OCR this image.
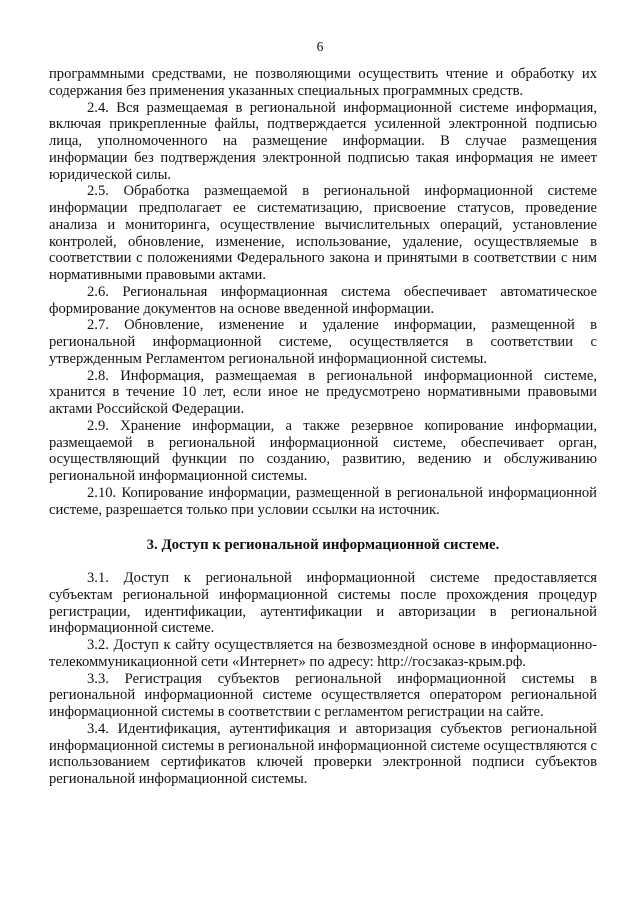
6

программными средствами, не позволяющими осуществить чтение и обработку их содержания без применения указанных специальных программных средств.

2.4. Вся размещаемая в региональной информационной системе информация, включая прикрепленные файлы, подтверждается усиленной электронной подписью лица, уполномоченного на размещение информации. В случае размещения информации без подтверждения электронной подписью такая информация не имеет юридической силы.

2.5. Обработка размещаемой в региональной информационной системе информации предполагает ее систематизацию, присвоение статусов, проведение анализа и мониторинга, осуществление вычислительных операций, установление контролей, обновление, изменение, использование, удаление, осуществляемые в соответствии с положениями Федерального закона и принятыми в соответствии с ним нормативными правовыми актами.

2.6. Региональная информационная система обеспечивает автоматическое формирование документов на основе введенной информации.

2.7. Обновление, изменение и удаление информации, размещенной в региональной информационной системе, осуществляется в соответствии с утвержденным Регламентом региональной информационной системы.

2.8. Информация, размещаемая в региональной информационной системе, хранится в течение 10 лет, если иное не предусмотрено нормативными правовыми актами Российской Федерации.

2.9. Хранение информации, а также резервное копирование информации, размещаемой в региональной информационной системе, обеспечивает орган, осуществляющий функции по созданию, развитию, ведению и обслуживанию региональной информационной системы.

2.10. Копирование информации, размещенной в региональной информационной системе, разрешается только при условии ссылки на источник.

3. Доступ к региональной информационной системе.

3.1. Доступ к региональной информационной системе предоставляется субъектам региональной информационной системы после прохождения процедур регистрации, идентификации, аутентификации и авторизации в региональной информационной системе.

3.2. Доступ к сайту осуществляется на безвозмездной основе в информационно-телекоммуникационной сети «Интернет» по адресу: http://госзаказ-крым.рф.

3.3. Регистрация субъектов региональной информационной системы в региональной информационной системе осуществляется оператором региональной информационной системы в соответствии с регламентом регистрации на сайте.

3.4. Идентификация, аутентификация и авторизация субъектов региональной информационной системы в региональной информационной системе осуществляются с использованием сертификатов ключей проверки электронной подписи субъектов региональной информационной системы.
